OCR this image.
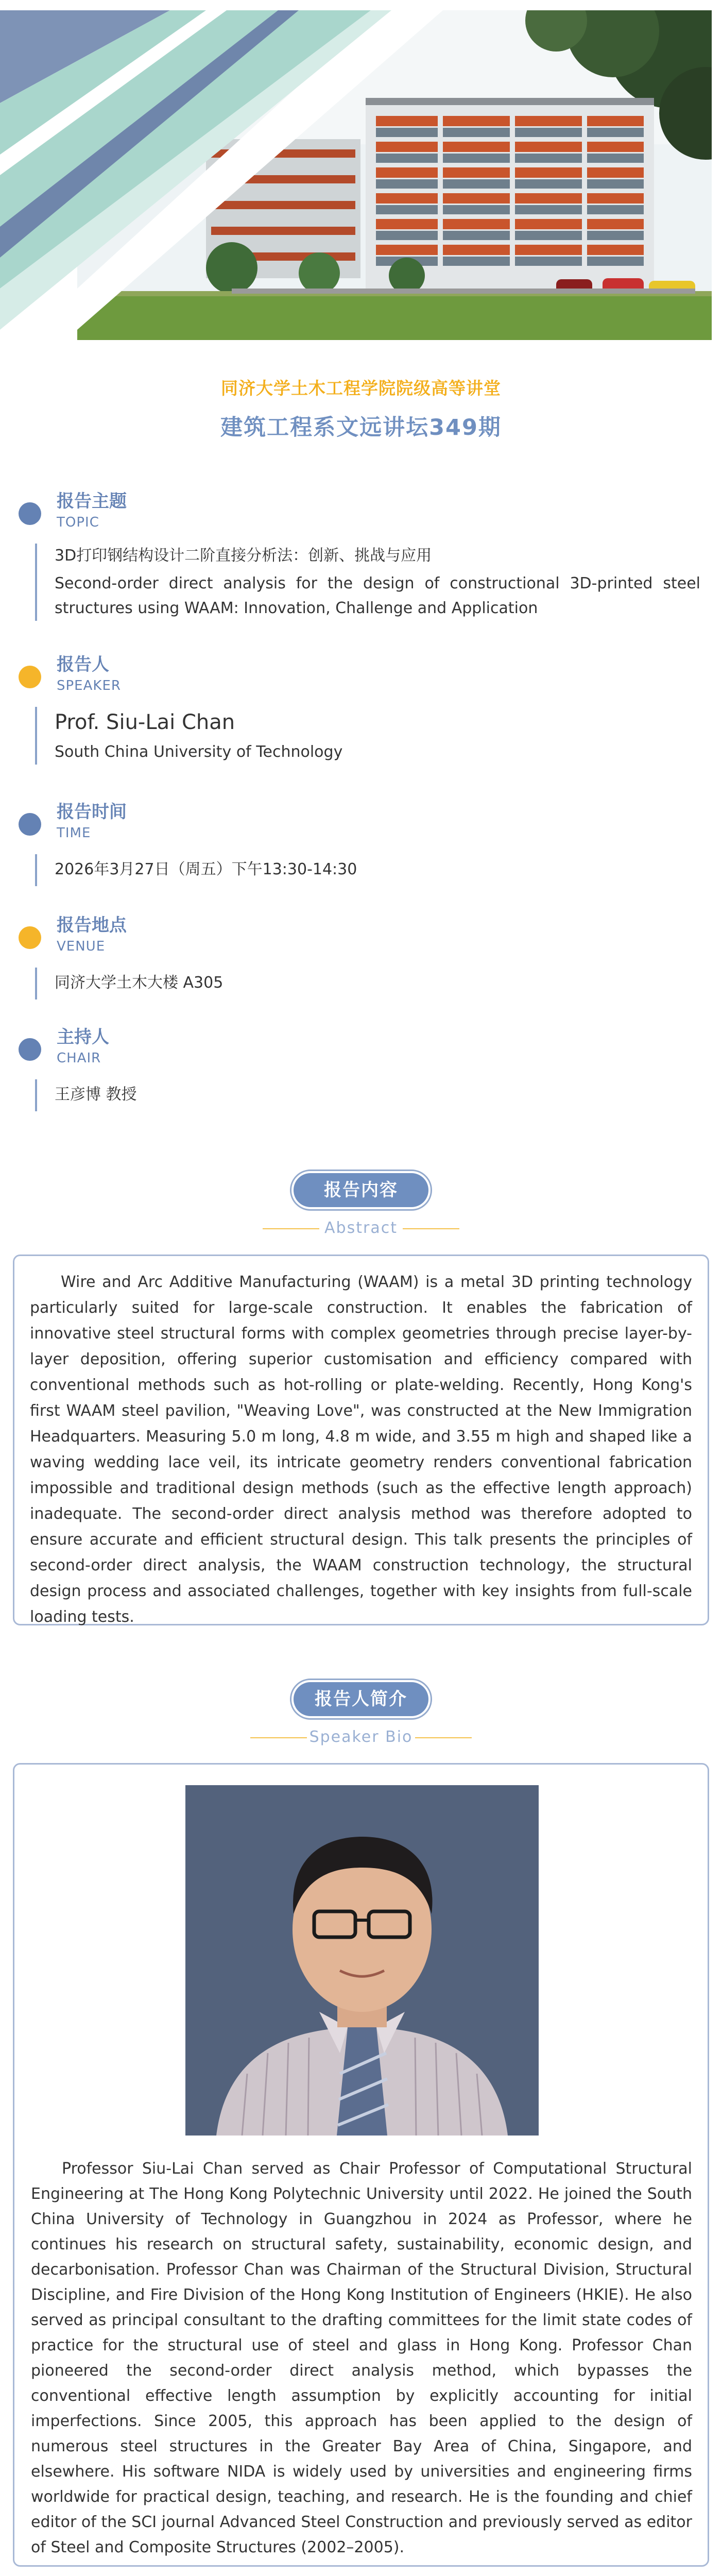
同济大学土木工程学院院级高等讲堂
建筑工程系文远讲坛349期
报告主题
TOPIC
3D打印钢结构设计二阶直接分析法：创新、挑战与应用
Second-order direct analysis for the design of constructional 3D-printed steel structures using WAAM: Innovation, Challenge and Application
报告人
SPEAKER
Prof. Siu-Lai Chan
South China University of Technology
报告时间
TIME
2026年3月27日（周五）下午13:30-14:30
报告地点
VENUE
同济大学土木大楼 A305
主持人
CHAIR
王彦博 教授
报告内容
Abstract
Wire and Arc Additive Manufacturing (WAAM) is a metal 3D printing technology particularly suited for large-scale construction. It enables the fabrication of innovative steel structural forms with complex geometries through precise layer-by-layer deposition, offering superior customisation and efficiency compared with conventional methods such as hot-rolling or plate-welding. Recently, Hong Kong's first WAAM steel pavilion, "Weaving Love", was constructed at the New Immigration Headquarters. Measuring 5.0 m long, 4.8 m wide, and 3.55 m high and shaped like a waving wedding lace veil, its intricate geometry renders conventional fabrication impossible and traditional design methods (such as the effective length approach) inadequate. The second-order direct analysis method was therefore adopted to ensure accurate and efficient structural design. This talk presents the principles of second-order direct analysis, the WAAM construction technology, the structural design process and associated challenges, together with key insights from full-scale loading tests.
报告人简介
Speaker Bio
Professor Siu-Lai Chan served as Chair Professor of Computational Structural Engineering at The Hong Kong Polytechnic University until 2022. He joined the South China University of Technology in Guangzhou in 2024 as Professor, where he continues his research on structural safety, sustainability, economic design, and decarbonisation. Professor Chan was Chairman of the Structural Division, Structural Discipline, and Fire Division of the Hong Kong Institution of Engineers (HKIE). He also served as principal consultant to the drafting committees for the limit state codes of practice for the structural use of steel and glass in Hong Kong. Professor Chan pioneered the second-order direct analysis method, which bypasses the conventional effective length assumption by explicitly accounting for initial imperfections. Since 2005, this approach has been applied to the design of numerous steel structures in the Greater Bay Area of China, Singapore, and elsewhere. His software NIDA is widely used by universities and engineering firms worldwide for practical design, teaching, and research. He is the founding and chief editor of the SCI journal Advanced Steel Construction and previously served as editor of Steel and Composite Structures (2002–2005).
